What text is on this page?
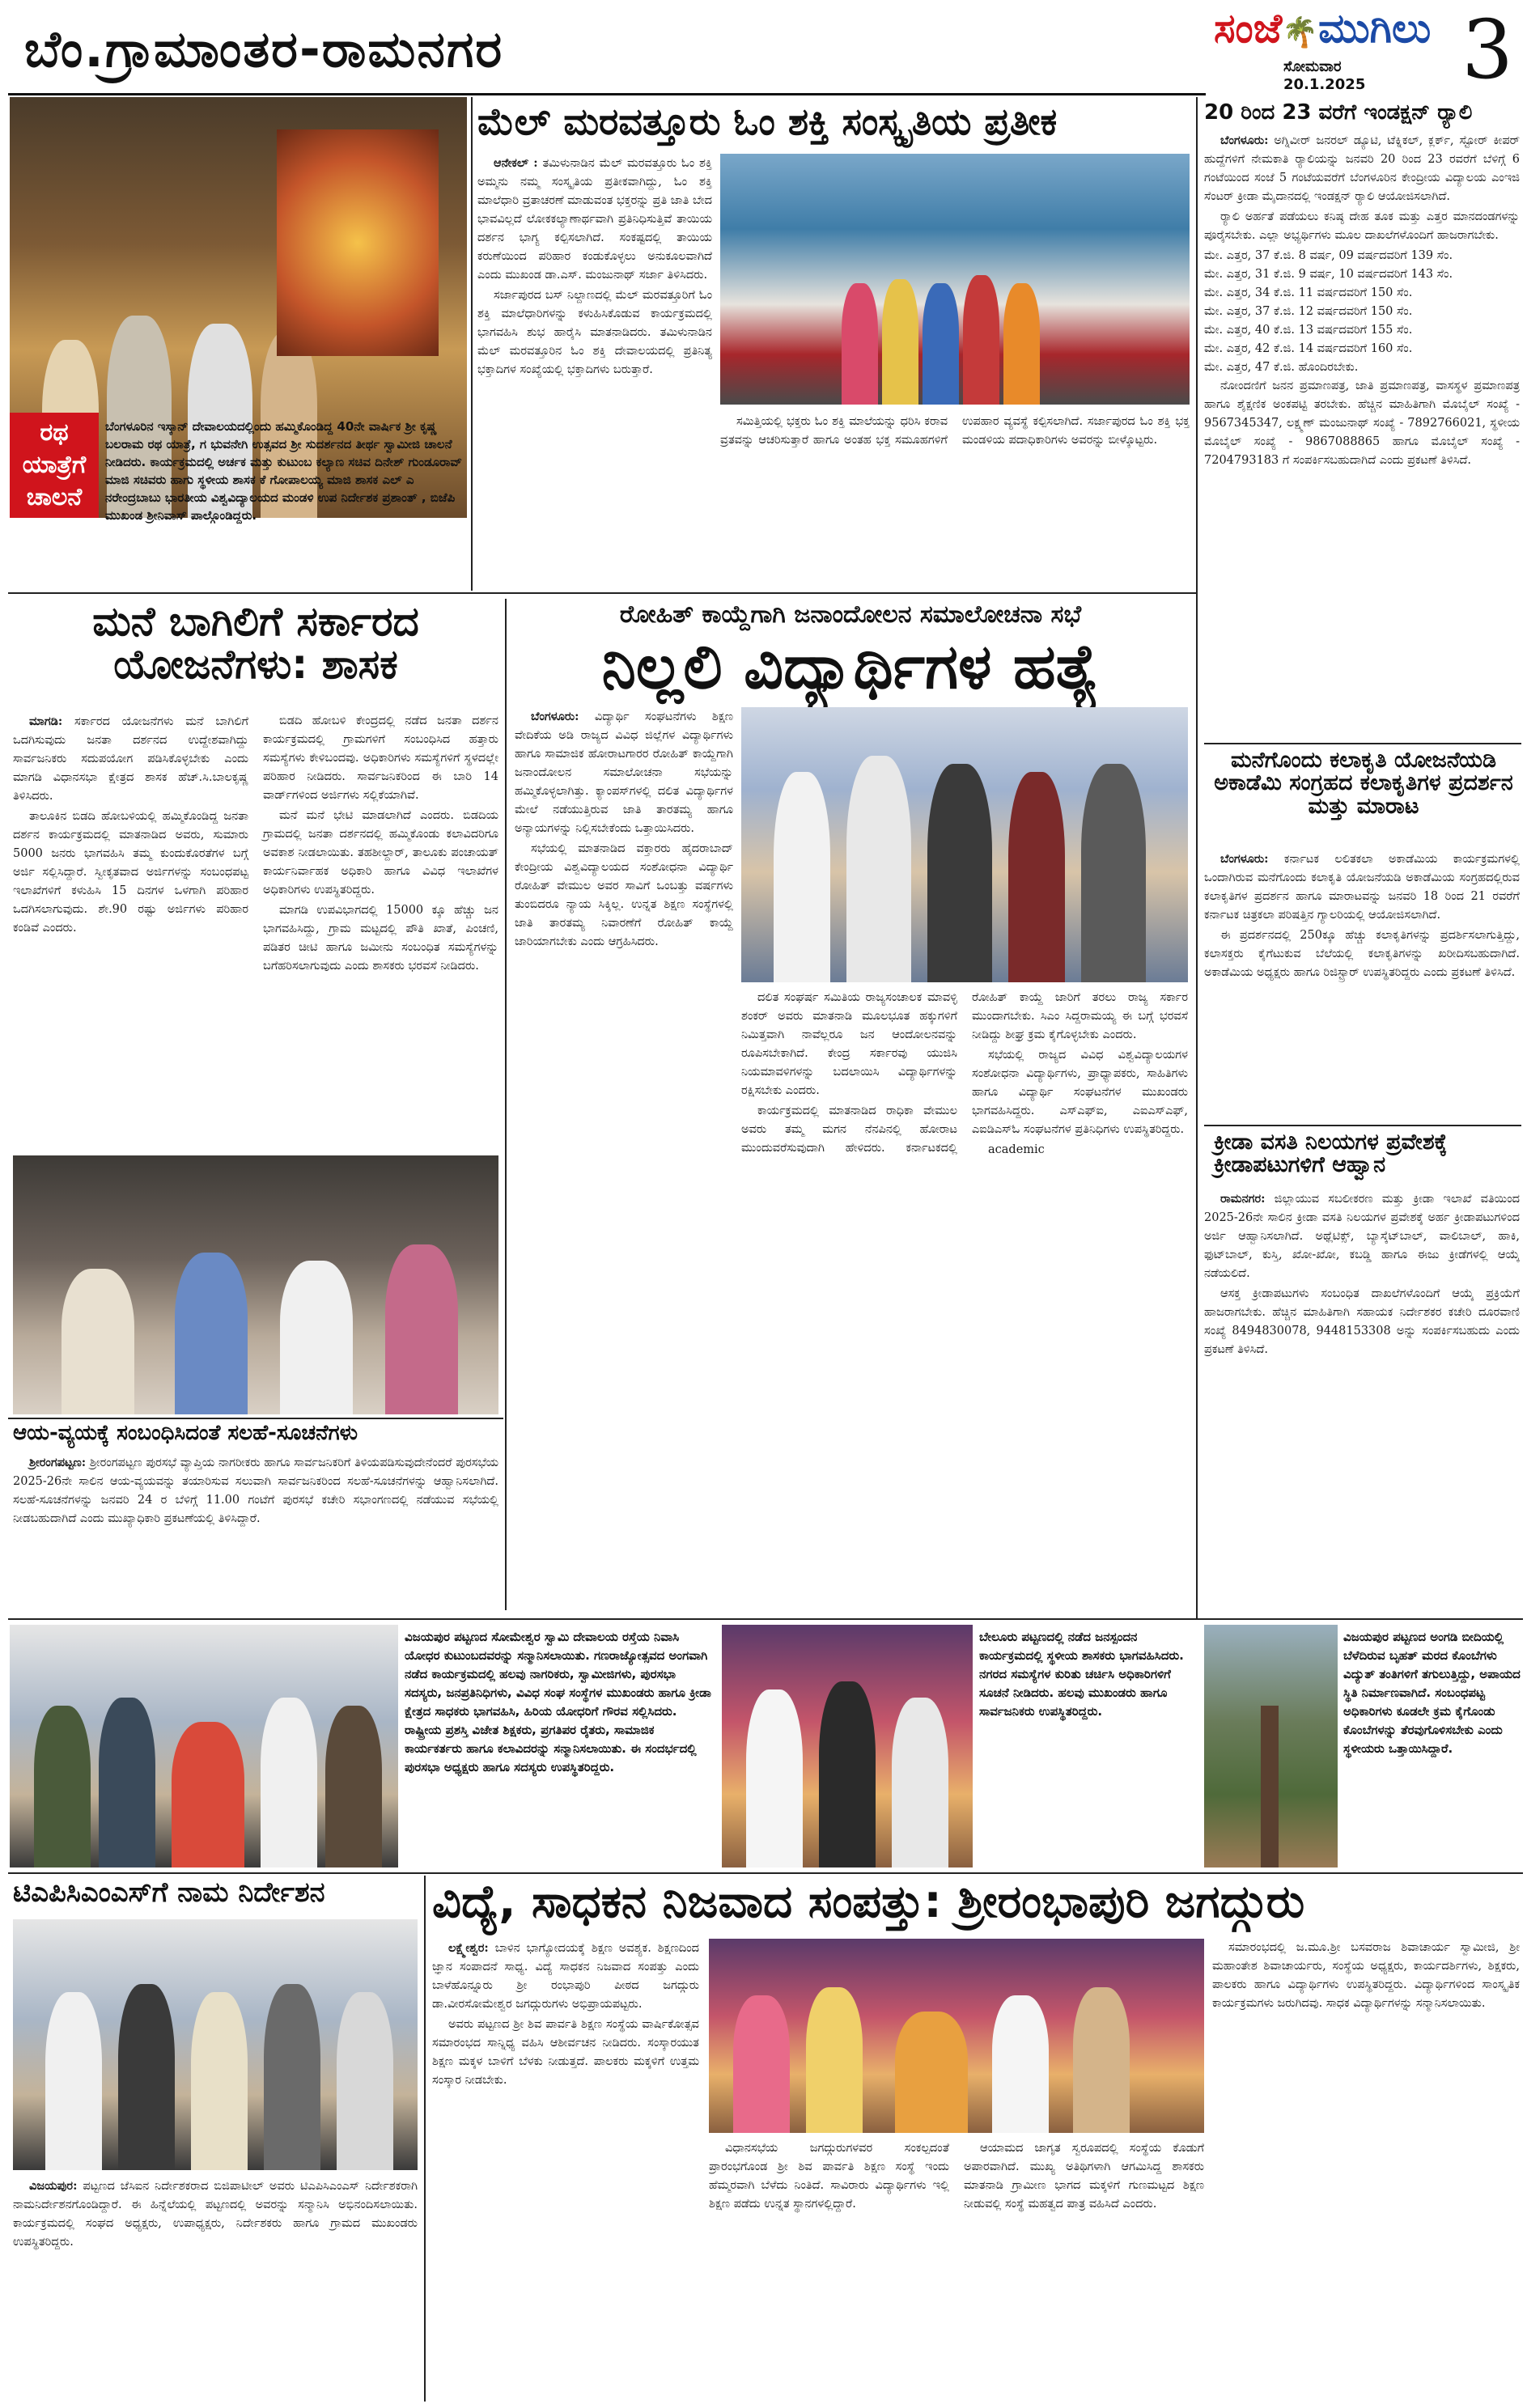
ಬೆಂ.ಗ್ರಾಮಾಂತರ-ರಾಮನಗರ	ಸಂಜೆ🌴ಮುಗಿಲು
ಸೋಮವಾರ
20.1.2025 3
ರಥ
ಯಾತ್ರೆಗೆ
ಚಾಲನೆ
ಬೆಂಗಳೂರಿನ ಇಸ್ಕಾನ್ ದೇವಾಲಯದಲ್ಲಿಂದು ಹಮ್ಮಿಕೊಂಡಿದ್ದ 40ನೇ ವಾರ್ಷಿಕ ಶ್ರೀ ಕೃಷ್ಣ ಬಲರಾಮ ರಥ ಯಾತ್ರೆ, ಗ ಭುವನೇಗಿ ಉತ್ಸವದ ಶ್ರೀ ಸುದರ್ಶನದ ತೀರ್ಥ ಸ್ವಾಮೀಜಿ ಚಾಲನೆ ನೀಡಿದರು. ಕಾರ್ಯಕ್ರಮದಲ್ಲಿ ಅರ್ಚಕ ಮತ್ತು ಕುಟುಂಬ ಕಲ್ಯಾಣ ಸಚಿವ ದಿನೇಶ್ ಗುಂಡೂರಾವ್ ಮಾಜಿ ಸಚಿವರು ಹಾಗು ಸ್ಥಳೀಯ ಶಾಸಕ ಕೆ ಗೋಪಾಲಯ್ಯ ಮಾಜಿ ಶಾಸಕ ಎಲ್ ಎ ನರೇಂದ್ರಬಾಬು ಭಾರತೀಯ ವಿಶ್ವವಿದ್ಯಾಲಯದ ಮಂಡಳಿ ಉಪ ನಿರ್ದೇಶಕ ಪ್ರಶಾಂತ್ , ಬಿಜೆಪಿ ಮುಖಂಡ ಶ್ರೀನಿವಾಸ್ ಪಾಲ್ಗೊಂಡಿದ್ದರು.
ಮೆಲ್ ಮರವತ್ತೂರು ಓಂ ಶಕ್ತಿ ಸಂಸ್ಕೃತಿಯ ಪ್ರತೀಕ

ಆನೇಕಲ್ : ತಮಿಳುನಾಡಿನ ಮೆಲ್ ಮರವತ್ತೂರು ಓಂ ಶಕ್ತಿ ಅಮ್ಮನು ನಮ್ಮ ಸಂಸ್ಕೃತಿಯ ಪ್ರತೀಕವಾಗಿದ್ದು, ಓಂ ಶಕ್ತಿ ಮಾಲೆಧಾರಿ ವ್ರತಾಚರಣೆ ಮಾಡುವಂತ ಭಕ್ತರನ್ನು ಪ್ರತಿ ಜಾತಿ ಬೇದ ಭಾವವಿಲ್ಲದೆ ಲೋಕಕಲ್ಯಾಣಾರ್ಥವಾಗಿ ಪ್ರತಿನಿಧಿಸುತ್ತಿವೆ ತಾಯಿಯ ದರ್ಶನ ಭಾಗ್ಯ ಕಲ್ಪಿಸಲಾಗಿದೆ. ಸಂಕಷ್ಟದಲ್ಲಿ ತಾಯಿಯ ಕರುಣೆಯಿಂದ ಪರಿಹಾರ ಕಂಡುಕೊಳ್ಳಲು ಅನುಕೂಲವಾಗಿದೆ ಎಂದು ಮುಖಂಡ ಡಾ.ಎಸ್. ಮಂಜುನಾಥ್ ಸರ್ಜಾ ತಿಳಿಸಿದರು.

ಸರ್ಜಾಪುರದ ಬಸ್ ನಿಲ್ದಾಣದಲ್ಲಿ ಮೆಲ್ ಮರವತ್ತೂರಿಗೆ ಓಂ ಶಕ್ತಿ ಮಾಲೆಧಾರಿಗಳನ್ನು ಕಳುಹಿಸಿಕೊಡುವ ಕಾರ್ಯಕ್ರಮದಲ್ಲಿ ಭಾಗವಹಿಸಿ ಶುಭ ಹಾರೈಸಿ ಮಾತನಾಡಿದರು. ತಮಿಳುನಾಡಿನ ಮೆಲ್ ಮರವತ್ತೂರಿನ ಓಂ ಶಕ್ತಿ ದೇವಾಲಯದಲ್ಲಿ ಪ್ರತಿನಿತ್ಯ ಭಕ್ತಾದಿಗಳ ಸಂಖ್ಯೆಯಲ್ಲಿ ಭಕ್ತಾದಿಗಳು ಬರುತ್ತಾರೆ.

ಸಮಿತ್ತಿಯಲ್ಲಿ ಭಕ್ತರು ಓಂ ಶಕ್ತಿ ಮಾಲೆಯನ್ನು ಧರಿಸಿ ಕರಾವ ವ್ರತವನ್ನು ಆಚರಿಸುತ್ತಾರೆ ಹಾಗೂ ಅಂತಹ ಭಕ್ತ ಸಮೂಹಗಳಿಗೆ ಉಪಹಾರ ವ್ಯವಸ್ಥೆ ಕಲ್ಪಿಸಲಾಗಿದೆ. ಸರ್ಜಾಪುರದ ಓಂ ಶಕ್ತಿ ಭಕ್ತ ಮಂಡಳಿಯ ಪದಾಧಿಕಾರಿಗಳು ಅವರನ್ನು ಬೀಳ್ಕೊಟ್ಟರು.

20 ರಿಂದ 23 ವರೆಗೆ ಇಂಡಕ್ಷನ್ ರ‍್ಯಾಲಿ

ಬೆಂಗಳೂರು: ಅಗ್ನಿವೀರ್ ಜನರಲ್ ಡ್ಯೂಟಿ, ಟೆಕ್ನಿಕಲ್, ಕ್ಲರ್ಕ್, ಸ್ಟೋರ್ ಕೀಪರ್ ಹುದ್ದೆಗಳಿಗೆ ನೇಮಕಾತಿ ರ‍್ಯಾಲಿಯನ್ನು ಜನವರಿ 20 ರಿಂದ 23 ರವರೆಗೆ ಬೆಳಿಗ್ಗೆ 6 ಗಂಟೆಯಿಂದ ಸಂಜೆ 5 ಗಂಟೆಯವರೆಗೆ ಬೆಂಗಳೂರಿನ ಕೇಂದ್ರೀಯ ವಿದ್ಯಾಲಯ ಎಂಇಜಿ ಸೆಂಟರ್ ಕ್ರೀಡಾ ಮೈದಾನದಲ್ಲಿ ಇಂಡಕ್ಷನ್ ರ‍್ಯಾಲಿ ಆಯೋಜಿಸಲಾಗಿದೆ.

ರ‍್ಯಾಲಿ ಅರ್ಹತೆ ಪಡೆಯಲು ಕನಿಷ್ಠ ದೇಹ ತೂಕ ಮತ್ತು ಎತ್ತರ ಮಾನದಂಡಗಳನ್ನು ಪೂರೈಸಬೇಕು. ಎಲ್ಲಾ ಅಭ್ಯರ್ಥಿಗಳು ಮೂಲ ದಾಖಲೆಗಳೊಂದಿಗೆ ಹಾಜರಾಗಬೇಕು.

ಮೇ. ಎತ್ತರ, 37 ಕೆ.ಜಿ. 8 ವರ್ಷ, 09 ವರ್ಷದವರಿಗೆ 139 ಸೆಂ.
ಮೇ. ಎತ್ತರ, 31 ಕೆ.ಜಿ. 9 ವರ್ಷ, 10 ವರ್ಷದವರಿಗೆ 143 ಸೆಂ.
ಮೇ. ಎತ್ತರ, 34 ಕೆ.ಜಿ. 11 ವರ್ಷದವರಿಗೆ 150 ಸೆಂ.
ಮೇ. ಎತ್ತರ, 37 ಕೆ.ಜಿ. 12 ವರ್ಷದವರಿಗೆ 150 ಸೆಂ.
ಮೇ. ಎತ್ತರ, 40 ಕೆ.ಜಿ. 13 ವರ್ಷದವರಿಗೆ 155 ಸೆಂ.
ಮೇ. ಎತ್ತರ, 42 ಕೆ.ಜಿ. 14 ವರ್ಷದವರಿಗೆ 160 ಸೆಂ.
ಮೇ. ಎತ್ತರ, 47 ಕೆ.ಜಿ. ಹೊಂದಿರಬೇಕು.

ನೋಂದಣಿಗೆ ಜನನ ಪ್ರಮಾಣಪತ್ರ, ಜಾತಿ ಪ್ರಮಾಣಪತ್ರ, ವಾಸಸ್ಥಳ ಪ್ರಮಾಣಪತ್ರ ಹಾಗೂ ಶೈಕ್ಷಣಿಕ ಅಂಕಪಟ್ಟಿ ತರಬೇಕು. ಹೆಚ್ಚಿನ ಮಾಹಿತಿಗಾಗಿ ಮೊಬೈಲ್ ಸಂಖ್ಯೆ - 9567345347, ಲಕ್ಷ್ಮಣ್ ಮಂಜುನಾಥ್ ಸಂಖ್ಯೆ - 7892766021, ಸ್ಥಳೀಯ ಮೊಬೈಲ್ ಸಂಖ್ಯೆ - 9867088865 ಹಾಗೂ ಮೊಬೈಲ್ ಸಂಖ್ಯೆ - 7204793183 ಗೆ ಸಂಪರ್ಕಿಸಬಹುದಾಗಿದೆ ಎಂದು ಪ್ರಕಟಣೆ ತಿಳಿಸಿದೆ.

ಮನೆಗೊಂದು ಕಲಾಕೃತಿ ಯೋಜನೆಯಡಿ ಅಕಾಡೆಮಿ ಸಂಗ್ರಹದ ಕಲಾಕೃತಿಗಳ ಪ್ರದರ್ಶನ ಮತ್ತು ಮಾರಾಟ

ಬೆಂಗಳೂರು: ಕರ್ನಾಟಕ ಲಲಿತಕಲಾ ಅಕಾಡೆಮಿಯ ಕಾರ್ಯಕ್ರಮಗಳಲ್ಲಿ ಒಂದಾಗಿರುವ ಮನೆಗೊಂದು ಕಲಾಕೃತಿ ಯೋಜನೆಯಡಿ ಅಕಾಡೆಮಿಯ ಸಂಗ್ರಹದಲ್ಲಿರುವ ಕಲಾಕೃತಿಗಳ ಪ್ರದರ್ಶನ ಹಾಗೂ ಮಾರಾಟವನ್ನು ಜನವರಿ 18 ರಿಂದ 21 ರವರೆಗೆ ಕರ್ನಾಟಕ ಚಿತ್ರಕಲಾ ಪರಿಷತ್ತಿನ ಗ್ಯಾಲರಿಯಲ್ಲಿ ಆಯೋಜಿಸಲಾಗಿದೆ.

ಈ ಪ್ರದರ್ಶನದಲ್ಲಿ 250ಕ್ಕೂ ಹೆಚ್ಚು ಕಲಾಕೃತಿಗಳನ್ನು ಪ್ರದರ್ಶಿಸಲಾಗುತ್ತಿದ್ದು, ಕಲಾಸಕ್ತರು ಕೈಗೆಟುಕುವ ಬೆಲೆಯಲ್ಲಿ ಕಲಾಕೃತಿಗಳನ್ನು ಖರೀದಿಸಬಹುದಾಗಿದೆ. ಅಕಾಡೆಮಿಯ ಅಧ್ಯಕ್ಷರು ಹಾಗೂ ರಿಜಿಸ್ಟ್ರಾರ್ ಉಪಸ್ಥಿತರಿದ್ದರು ಎಂದು ಪ್ರಕಟಣೆ ತಿಳಿಸಿದೆ.

ಕ್ರೀಡಾ ವಸತಿ ನಿಲಯಗಳ ಪ್ರವೇಶಕ್ಕೆ ಕ್ರೀಡಾಪಟುಗಳಿಗೆ ಆಹ್ವಾನ

ರಾಮನಗರ: ಜಿಲ್ಲಾಯುವ ಸಬಲೀಕರಣ ಮತ್ತು ಕ್ರೀಡಾ ಇಲಾಖೆ ವತಿಯಿಂದ 2025-26ನೇ ಸಾಲಿನ ಕ್ರೀಡಾ ವಸತಿ ನಿಲಯಗಳ ಪ್ರವೇಶಕ್ಕೆ ಅರ್ಹ ಕ್ರೀಡಾಪಟುಗಳಿಂದ ಅರ್ಜಿ ಆಹ್ವಾನಿಸಲಾಗಿದೆ. ಅಥ್ಲೆಟಿಕ್ಸ್, ಬ್ಯಾಸ್ಕೆಟ್‌ಬಾಲ್, ವಾಲಿಬಾಲ್, ಹಾಕಿ, ಫುಟ್‌ಬಾಲ್, ಕುಸ್ತಿ, ಖೋ-ಖೋ, ಕಬಡ್ಡಿ ಹಾಗೂ ಈಜು ಕ್ರೀಡೆಗಳಲ್ಲಿ ಆಯ್ಕೆ ನಡೆಯಲಿದೆ.

ಆಸಕ್ತ ಕ್ರೀಡಾಪಟುಗಳು ಸಂಬಂಧಿತ ದಾಖಲೆಗಳೊಂದಿಗೆ ಆಯ್ಕೆ ಪ್ರಕ್ರಿಯೆಗೆ ಹಾಜರಾಗಬೇಕು. ಹೆಚ್ಚಿನ ಮಾಹಿತಿಗಾಗಿ ಸಹಾಯಕ ನಿರ್ದೇಶಕರ ಕಚೇರಿ ದೂರವಾಣಿ ಸಂಖ್ಯೆ 8494830078, 9448153308 ಅನ್ನು ಸಂಪರ್ಕಿಸಬಹುದು ಎಂದು ಪ್ರಕಟಣೆ ತಿಳಿಸಿದೆ.

ಮನೆ ಬಾಗಿಲಿಗೆ ಸರ್ಕಾರದ ಯೋಜನೆಗಳು: ಶಾಸಕ

ಮಾಗಡಿ: ಸರ್ಕಾರದ ಯೋಜನೆಗಳು ಮನೆ ಬಾಗಿಲಿಗೆ ಒದಗಿಸುವುದು ಜನತಾ ದರ್ಶನದ ಉದ್ದೇಶವಾಗಿದ್ದು ಸಾರ್ವಜನಿಕರು ಸದುಪಯೋಗ ಪಡಿಸಿಕೊಳ್ಳಬೇಕು ಎಂದು ಮಾಗಡಿ ವಿಧಾನಸಭಾ ಕ್ಷೇತ್ರದ ಶಾಸಕ ಹೆಚ್.ಸಿ.ಬಾಲಕೃಷ್ಣ ತಿಳಿಸಿದರು.

ತಾಲೂಕಿನ ಬಿಡದಿ ಹೋಬಳಿಯಲ್ಲಿ ಹಮ್ಮಿಕೊಂಡಿದ್ದ ಜನತಾ ದರ್ಶನ ಕಾರ್ಯಕ್ರಮದಲ್ಲಿ ಮಾತನಾಡಿದ ಅವರು, ಸುಮಾರು 5000 ಜನರು ಭಾಗವಹಿಸಿ ತಮ್ಮ ಕುಂದುಕೊರತೆಗಳ ಬಗ್ಗೆ ಅರ್ಜಿ ಸಲ್ಲಿಸಿದ್ದಾರೆ. ಸ್ವೀಕೃತವಾದ ಅರ್ಜಿಗಳನ್ನು ಸಂಬಂಧಪಟ್ಟ ಇಲಾಖೆಗಳಿಗೆ ಕಳುಹಿಸಿ 15 ದಿನಗಳ ಒಳಗಾಗಿ ಪರಿಹಾರ ಒದಗಿಸಲಾಗುವುದು. ಶೇ.90 ರಷ್ಟು ಅರ್ಜಿಗಳು ಪರಿಹಾರ ಕಂಡಿವೆ ಎಂದರು.

ಬಿಡದಿ ಹೋಬಳಿ ಕೇಂದ್ರದಲ್ಲಿ ನಡೆದ ಜನತಾ ದರ್ಶನ ಕಾರ್ಯಕ್ರಮದಲ್ಲಿ ಗ್ರಾಮಗಳಿಗೆ ಸಂಬಂಧಿಸಿದ ಹತ್ತಾರು ಸಮಸ್ಯೆಗಳು ಕೇಳಿಬಂದವು. ಅಧಿಕಾರಿಗಳು ಸಮಸ್ಯೆಗಳಿಗೆ ಸ್ಥಳದಲ್ಲೇ ಪರಿಹಾರ ನೀಡಿದರು. ಸಾರ್ವಜನಿಕರಿಂದ ಈ ಬಾರಿ 14 ವಾರ್ಡ್‌ಗಳಿಂದ ಅರ್ಜಿಗಳು ಸಲ್ಲಿಕೆಯಾಗಿವೆ.

ಮನೆ ಮನೆ ಭೇಟಿ ಮಾಡಲಾಗಿದೆ ಎಂದರು. ಬಿಡದಿಯ ಗ್ರಾಮದಲ್ಲಿ ಜನತಾ ದರ್ಶನದಲ್ಲಿ ಹಮ್ಮಿಕೊಂಡು ಕಲಾವಿದರಿಗೂ ಅವಕಾಶ ನೀಡಲಾಯಿತು. ತಹಶೀಲ್ದಾರ್, ತಾಲೂಕು ಪಂಚಾಯತ್ ಕಾರ್ಯನಿರ್ವಾಹಕ ಅಧಿಕಾರಿ ಹಾಗೂ ವಿವಿಧ ಇಲಾಖೆಗಳ ಅಧಿಕಾರಿಗಳು ಉಪಸ್ಥಿತರಿದ್ದರು.

ಮಾಗಡಿ ಉಪವಿಭಾಗದಲ್ಲಿ 15000 ಕ್ಕೂ ಹೆಚ್ಚು ಜನ ಭಾಗವಹಿಸಿದ್ದು, ಗ್ರಾಮ ಮಟ್ಟದಲ್ಲಿ ಪೌತಿ ಖಾತೆ, ಪಿಂಚಣಿ, ಪಡಿತರ ಚೀಟಿ ಹಾಗೂ ಜಮೀನು ಸಂಬಂಧಿತ ಸಮಸ್ಯೆಗಳನ್ನು ಬಗೆಹರಿಸಲಾಗುವುದು ಎಂದು ಶಾಸಕರು ಭರವಸೆ ನೀಡಿದರು.

ರೋಹಿತ್ ಕಾಯ್ದೆಗಾಗಿ ಜನಾಂದೋಲನ ಸಮಾಲೋಚನಾ ಸಭೆ
ನಿಲ್ಲಲಿ ವಿದ್ಯಾರ್ಥಿಗಳ ಹತ್ಯೆ

ಬೆಂಗಳೂರು: ವಿದ್ಯಾರ್ಥಿ ಸಂಘಟನೆಗಳು ಶಿಕ್ಷಣ ವೇದಿಕೆಯ ಅಡಿ ರಾಜ್ಯದ ವಿವಿಧ ಜಿಲ್ಲೆಗಳ ವಿದ್ಯಾರ್ಥಿಗಳು ಹಾಗೂ ಸಾಮಾಜಿಕ ಹೋರಾಟಗಾರರ ರೋಹಿತ್ ಕಾಯ್ದೆಗಾಗಿ ಜನಾಂದೋಲನ ಸಮಾಲೋಚನಾ ಸಭೆಯನ್ನು ಹಮ್ಮಿಕೊಳ್ಳಲಾಗಿತ್ತು. ಕ್ಯಾಂಪಸ್‌ಗಳಲ್ಲಿ ದಲಿತ ವಿದ್ಯಾರ್ಥಿಗಳ ಮೇಲೆ ನಡೆಯುತ್ತಿರುವ ಜಾತಿ ತಾರತಮ್ಯ ಹಾಗೂ ಅನ್ಯಾಯಗಳನ್ನು ನಿಲ್ಲಿಸಬೇಕೆಂದು ಒತ್ತಾಯಿಸಿದರು.

ಸಭೆಯಲ್ಲಿ ಮಾತನಾಡಿದ ವಕ್ತಾರರು ಹೈದರಾಬಾದ್ ಕೇಂದ್ರೀಯ ವಿಶ್ವವಿದ್ಯಾಲಯದ ಸಂಶೋಧನಾ ವಿದ್ಯಾರ್ಥಿ ರೋಹಿತ್ ವೇಮುಲ ಅವರ ಸಾವಿಗೆ ಒಂಬತ್ತು ವರ್ಷಗಳು ತುಂಬಿದರೂ ನ್ಯಾಯ ಸಿಕ್ಕಿಲ್ಲ. ಉನ್ನತ ಶಿಕ್ಷಣ ಸಂಸ್ಥೆಗಳಲ್ಲಿ ಜಾತಿ ತಾರತಮ್ಯ ನಿವಾರಣೆಗೆ ರೋಹಿತ್ ಕಾಯ್ದೆ ಜಾರಿಯಾಗಬೇಕು ಎಂದು ಆಗ್ರಹಿಸಿದರು.

ದಲಿತ ಸಂಘರ್ಷ ಸಮಿತಿಯ ರಾಜ್ಯಸಂಚಾಲಕ ಮಾವಳ್ಳಿ ಶಂಕರ್ ಅವರು ಮಾತನಾಡಿ ಮೂಲಭೂತ ಹಕ್ಕುಗಳಿಗೆ ನಿಮಿತ್ತವಾಗಿ ನಾವೆಲ್ಲರೂ ಜನ ಆಂದೋಲನವನ್ನು ರೂಪಿಸಬೇಕಾಗಿದೆ. ಕೇಂದ್ರ ಸರ್ಕಾರವು ಯುಜಿಸಿ ನಿಯಮಾವಳಿಗಳನ್ನು ಬದಲಾಯಿಸಿ ವಿದ್ಯಾರ್ಥಿಗಳನ್ನು ರಕ್ಷಿಸಬೇಕು ಎಂದರು.

ಕಾರ್ಯಕ್ರಮದಲ್ಲಿ ಮಾತನಾಡಿದ ರಾಧಿಕಾ ವೇಮುಲ ಅವರು ತಮ್ಮ ಮಗನ ನೆನಪಿನಲ್ಲಿ ಹೋರಾಟ ಮುಂದುವರೆಸುವುದಾಗಿ ಹೇಳಿದರು. ಕರ್ನಾಟಕದಲ್ಲಿ ರೋಹಿತ್ ಕಾಯ್ದೆ ಜಾರಿಗೆ ತರಲು ರಾಜ್ಯ ಸರ್ಕಾರ ಮುಂದಾಗಬೇಕು. ಸಿಎಂ ಸಿದ್ದರಾಮಯ್ಯ ಈ ಬಗ್ಗೆ ಭರವಸೆ ನೀಡಿದ್ದು ಶೀಘ್ರ ಕ್ರಮ ಕೈಗೊಳ್ಳಬೇಕು ಎಂದರು.

ಸಭೆಯಲ್ಲಿ ರಾಜ್ಯದ ವಿವಿಧ ವಿಶ್ವವಿದ್ಯಾಲಯಗಳ ಸಂಶೋಧನಾ ವಿದ್ಯಾರ್ಥಿಗಳು, ಪ್ರಾಧ್ಯಾಪಕರು, ಸಾಹಿತಿಗಳು ಹಾಗೂ ವಿದ್ಯಾರ್ಥಿ ಸಂಘಟನೆಗಳ ಮುಖಂಡರು ಭಾಗವಹಿಸಿದ್ದರು. ಎಸ್‌ಎಫ್‌ಐ, ಎಐಎಸ್‌ಎಫ್, ಎಐಡಿಎಸ್‌ಓ ಸಂಘಟನೆಗಳ ಪ್ರತಿನಿಧಿಗಳು ಉಪಸ್ಥಿತರಿದ್ದರು.

academic

ಆಯ-ವ್ಯಯಕ್ಕೆ ಸಂಬಂಧಿಸಿದಂತೆ ಸಲಹೆ-ಸೂಚನೆಗಳು

ಶ್ರೀರಂಗಪಟ್ಟಣ: ಶ್ರೀರಂಗಪಟ್ಟಣ ಪುರಸಭೆ ವ್ಯಾಪ್ತಿಯ ನಾಗರೀಕರು ಹಾಗೂ ಸಾರ್ವಜನಿಕರಿಗೆ ತಿಳಿಯಪಡಿಸುವುದೇನೆಂದರೆ ಪುರಸಭೆಯ 2025-26ನೇ ಸಾಲಿನ ಆಯ-ವ್ಯಯವನ್ನು ತಯಾರಿಸುವ ಸಲುವಾಗಿ ಸಾರ್ವಜನಿಕರಿಂದ ಸಲಹೆ-ಸೂಚನೆಗಳನ್ನು ಆಹ್ವಾನಿಸಲಾಗಿದೆ. ಸಲಹೆ-ಸೂಚನೆಗಳನ್ನು ಜನವರಿ 24 ರ ಬೆಳಿಗ್ಗೆ 11.00 ಗಂಟೆಗೆ ಪುರಸಭೆ ಕಚೇರಿ ಸಭಾಂಗಣದಲ್ಲಿ ನಡೆಯುವ ಸಭೆಯಲ್ಲಿ ನೀಡಬಹುದಾಗಿದೆ ಎಂದು ಮುಖ್ಯಾಧಿಕಾರಿ ಪ್ರಕಟಣೆಯಲ್ಲಿ ತಿಳಿಸಿದ್ದಾರೆ.

ವಿಜಯಪುರ ಪಟ್ಟಣದ ಸೋಮೇಶ್ವರ ಸ್ವಾಮಿ ದೇವಾಲಯ ರಸ್ತೆಯ ನಿವಾಸಿ ಯೋಧರ ಕುಟುಂಬದವರನ್ನು ಸನ್ಮಾನಿಸಲಾಯಿತು. ಗಣರಾಜ್ಯೋತ್ಸವದ ಅಂಗವಾಗಿ ನಡೆದ ಕಾರ್ಯಕ್ರಮದಲ್ಲಿ ಹಲವು ನಾಗರಿಕರು, ಸ್ವಾಮೀಜಿಗಳು, ಪುರಸಭಾ ಸದಸ್ಯರು, ಜನಪ್ರತಿನಿಧಿಗಳು, ವಿವಿಧ ಸಂಘ ಸಂಸ್ಥೆಗಳ ಮುಖಂಡರು ಹಾಗೂ ಕ್ರೀಡಾ ಕ್ಷೇತ್ರದ ಸಾಧಕರು ಭಾಗವಹಿಸಿ, ಹಿರಿಯ ಯೋಧರಿಗೆ ಗೌರವ ಸಲ್ಲಿಸಿದರು. ರಾಷ್ಟ್ರೀಯ ಪ್ರಶಸ್ತಿ ವಿಜೇತ ಶಿಕ್ಷಕರು, ಪ್ರಗತಿಪರ ರೈತರು, ಸಾಮಾಜಿಕ ಕಾರ್ಯಕರ್ತರು ಹಾಗೂ ಕಲಾವಿದರನ್ನು ಸನ್ಮಾನಿಸಲಾಯಿತು. ಈ ಸಂದರ್ಭದಲ್ಲಿ ಪುರಸಭಾ ಅಧ್ಯಕ್ಷರು ಹಾಗೂ ಸದಸ್ಯರು ಉಪಸ್ಥಿತರಿದ್ದರು.
ಬೇಲೂರು ಪಟ್ಟಣದಲ್ಲಿ ನಡೆದ ಜನಸ್ಪಂದನ ಕಾರ್ಯಕ್ರಮದಲ್ಲಿ ಸ್ಥಳೀಯ ಶಾಸಕರು ಭಾಗವಹಿಸಿದರು. ನಗರದ ಸಮಸ್ಯೆಗಳ ಕುರಿತು ಚರ್ಚಿಸಿ ಅಧಿಕಾರಿಗಳಿಗೆ ಸೂಚನೆ ನೀಡಿದರು. ಹಲವು ಮುಖಂಡರು ಹಾಗೂ ಸಾರ್ವಜನಿಕರು ಉಪಸ್ಥಿತರಿದ್ದರು.
ವಿಜಯಪುರ ಪಟ್ಟಣದ ಅಂಗಡಿ ಬೀದಿಯಲ್ಲಿ ಬೆಳೆದಿರುವ ಬೃಹತ್ ಮರದ ಕೊಂಬೆಗಳು ವಿದ್ಯುತ್ ತಂತಿಗಳಿಗೆ ತಗುಲುತ್ತಿದ್ದು, ಅಪಾಯದ ಸ್ಥಿತಿ ನಿರ್ಮಾಣವಾಗಿದೆ. ಸಂಬಂಧಪಟ್ಟ ಅಧಿಕಾರಿಗಳು ಕೂಡಲೇ ಕ್ರಮ ಕೈಗೊಂಡು ಕೊಂಬೆಗಳನ್ನು ತೆರವುಗೊಳಿಸಬೇಕು ಎಂದು ಸ್ಥಳೀಯರು ಒತ್ತಾಯಿಸಿದ್ದಾರೆ.
ಟಿಎಪಿಸಿಎಂಎಸ್‌ಗೆ ನಾಮ ನಿರ್ದೇಶನ

ವಿಜಯಪುರ: ಪಟ್ಟಣದ ಜೆಸಿಐನ ನಿರ್ದೇಶಕರಾದ ಬಿಜಿಪಾಟೀಲ್ ಅವರು ಟಿಎಪಿಸಿಎಂಎಸ್ ನಿರ್ದೇಶಕರಾಗಿ ನಾಮನಿರ್ದೇಶನಗೊಂಡಿದ್ದಾರೆ. ಈ ಹಿನ್ನೆಲೆಯಲ್ಲಿ ಪಟ್ಟಣದಲ್ಲಿ ಅವರನ್ನು ಸನ್ಮಾನಿಸಿ ಅಭಿನಂದಿಸಲಾಯಿತು. ಕಾರ್ಯಕ್ರಮದಲ್ಲಿ ಸಂಘದ ಅಧ್ಯಕ್ಷರು, ಉಪಾಧ್ಯಕ್ಷರು, ನಿರ್ದೇಶಕರು ಹಾಗೂ ಗ್ರಾಮದ ಮುಖಂಡರು ಉಪಸ್ಥಿತರಿದ್ದರು.

ವಿದ್ಯೆ, ಸಾಧಕನ ನಿಜವಾದ ಸಂಪತ್ತು: ಶ್ರೀರಂಭಾಪುರಿ ಜಗದ್ಗುರು

ಲಕ್ಷ್ಮೇಶ್ವರ: ಬಾಳಿನ ಭಾಗ್ಯೋದಯಕ್ಕೆ ಶಿಕ್ಷಣ ಅವಶ್ಯಕ. ಶಿಕ್ಷಣದಿಂದ ಜ್ಞಾನ ಸಂಪಾದನೆ ಸಾಧ್ಯ. ವಿದ್ಯೆ ಸಾಧಕನ ನಿಜವಾದ ಸಂಪತ್ತು ಎಂದು ಬಾಳೆಹೊನ್ನೂರು ಶ್ರೀ ರಂಭಾಪುರಿ ಪೀಠದ ಜಗದ್ಗುರು ಡಾ.ವೀರಸೋಮೇಶ್ವರ ಜಗದ್ಗುರುಗಳು ಅಭಿಪ್ರಾಯಪಟ್ಟರು.

ಅವರು ಪಟ್ಟಣದ ಶ್ರೀ ಶಿವ ಪಾರ್ವತಿ ಶಿಕ್ಷಣ ಸಂಸ್ಥೆಯ ವಾರ್ಷಿಕೋತ್ಸವ ಸಮಾರಂಭದ ಸಾನ್ನಿಧ್ಯ ವಹಿಸಿ ಆಶೀರ್ವಚನ ನೀಡಿದರು. ಸಂಸ್ಕಾರಯುತ ಶಿಕ್ಷಣ ಮಕ್ಕಳ ಬಾಳಿಗೆ ಬೆಳಕು ನೀಡುತ್ತದೆ. ಪಾಲಕರು ಮಕ್ಕಳಿಗೆ ಉತ್ತಮ ಸಂಸ್ಕಾರ ನೀಡಬೇಕು.

ವಿಧಾನಸಭೆಯ ಜಗದ್ಗುರುಗಳವರ ಸಂಕಲ್ಪದಂತೆ ಪ್ರಾರಂಭಗೊಂಡ ಶ್ರೀ ಶಿವ ಪಾರ್ವತಿ ಶಿಕ್ಷಣ ಸಂಸ್ಥೆ ಇಂದು ಹೆಮ್ಮರವಾಗಿ ಬೆಳೆದು ನಿಂತಿದೆ. ಸಾವಿರಾರು ವಿದ್ಯಾರ್ಥಿಗಳು ಇಲ್ಲಿ ಶಿಕ್ಷಣ ಪಡೆದು ಉನ್ನತ ಸ್ಥಾನಗಳಲ್ಲಿದ್ದಾರೆ.

ಆಯಾಮದ ಜಾಗೃತ ಸ್ವರೂಪದಲ್ಲಿ ಸಂಸ್ಥೆಯ ಕೊಡುಗೆ ಅಪಾರವಾಗಿದೆ. ಮುಖ್ಯ ಅತಿಥಿಗಳಾಗಿ ಆಗಮಿಸಿದ್ದ ಶಾಸಕರು ಮಾತನಾಡಿ ಗ್ರಾಮೀಣ ಭಾಗದ ಮಕ್ಕಳಿಗೆ ಗುಣಮಟ್ಟದ ಶಿಕ್ಷಣ ನೀಡುವಲ್ಲಿ ಸಂಸ್ಥೆ ಮಹತ್ವದ ಪಾತ್ರ ವಹಿಸಿದೆ ಎಂದರು.

ಸಮಾರಂಭದಲ್ಲಿ ಜ.ಮೂ.ಶ್ರೀ ಬಸವರಾಜ ಶಿವಾಚಾರ್ಯ ಸ್ವಾಮೀಜಿ, ಶ್ರೀ ಮಹಾಂತೇಶ ಶಿವಾಚಾರ್ಯರು, ಸಂಸ್ಥೆಯ ಅಧ್ಯಕ್ಷರು, ಕಾರ್ಯದರ್ಶಿಗಳು, ಶಿಕ್ಷಕರು, ಪಾಲಕರು ಹಾಗೂ ವಿದ್ಯಾರ್ಥಿಗಳು ಉಪಸ್ಥಿತರಿದ್ದರು. ವಿದ್ಯಾರ್ಥಿಗಳಿಂದ ಸಾಂಸ್ಕೃತಿಕ ಕಾರ್ಯಕ್ರಮಗಳು ಜರುಗಿದವು. ಸಾಧಕ ವಿದ್ಯಾರ್ಥಿಗಳನ್ನು ಸನ್ಮಾನಿಸಲಾಯಿತು.
